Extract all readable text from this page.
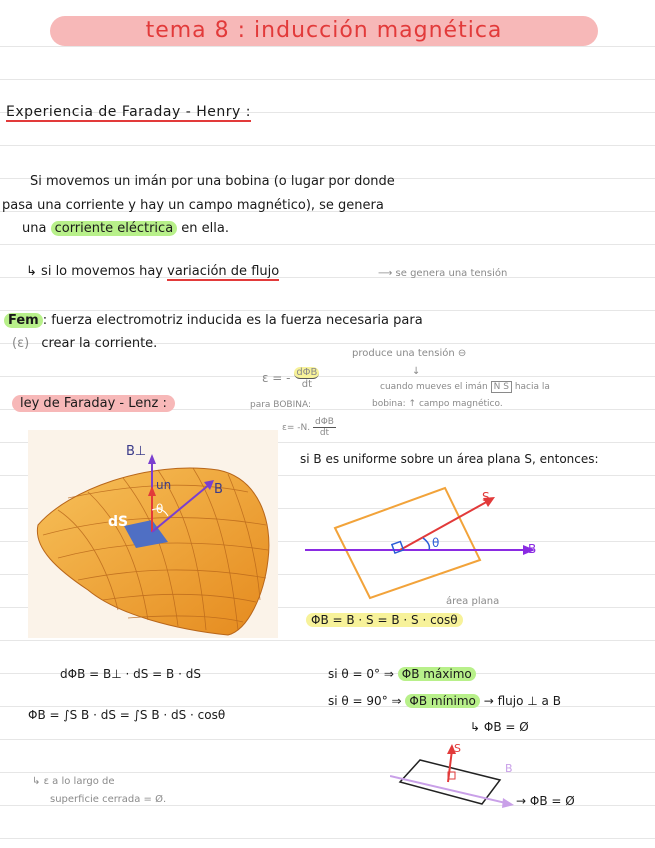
tema 8 : inducción magnética
Experiencia de Faraday - Henry :
Si movemos un imán por una bobina (o lugar por donde
pasa una corriente y hay un campo magnético), se genera
una corriente eléctrica en ella.
↳ si lo movemos hay variación de flujo	⟶ se genera una tensión
Fem : fuerza electromotriz inducida es la fuerza necesaria para
(ε) crear la corriente.
produce una tensión ⊖
ε = - $\frac{\text{dΦB}}{dt}$	↓
cuando mueves el imán N S hacia la
bobina: ↑ campo magnético.
ley de Faraday - Lenz :	para BOBINA:
ε= -N. $\frac{\text{dΦB}}{dt}$
B⊥
un	B
θ
dS
si B es uniforme sobre un área plana S, entonces:
S
B
θ
área plana
ΦB = B · S = B · S · cosθ
dΦB = B⊥ · dS = B · dS
ΦB = ∫S B · dS = ∫S B · dS · cosθ
↳ ε a lo largo de
superficie cerrada = Ø.
si θ = 0° ⇒ ΦB máximo
si θ = 90° ⇒ ΦB mínimo → flujo ⊥ a B
↳ ΦB = Ø
S
B
→ ΦB = Ø
